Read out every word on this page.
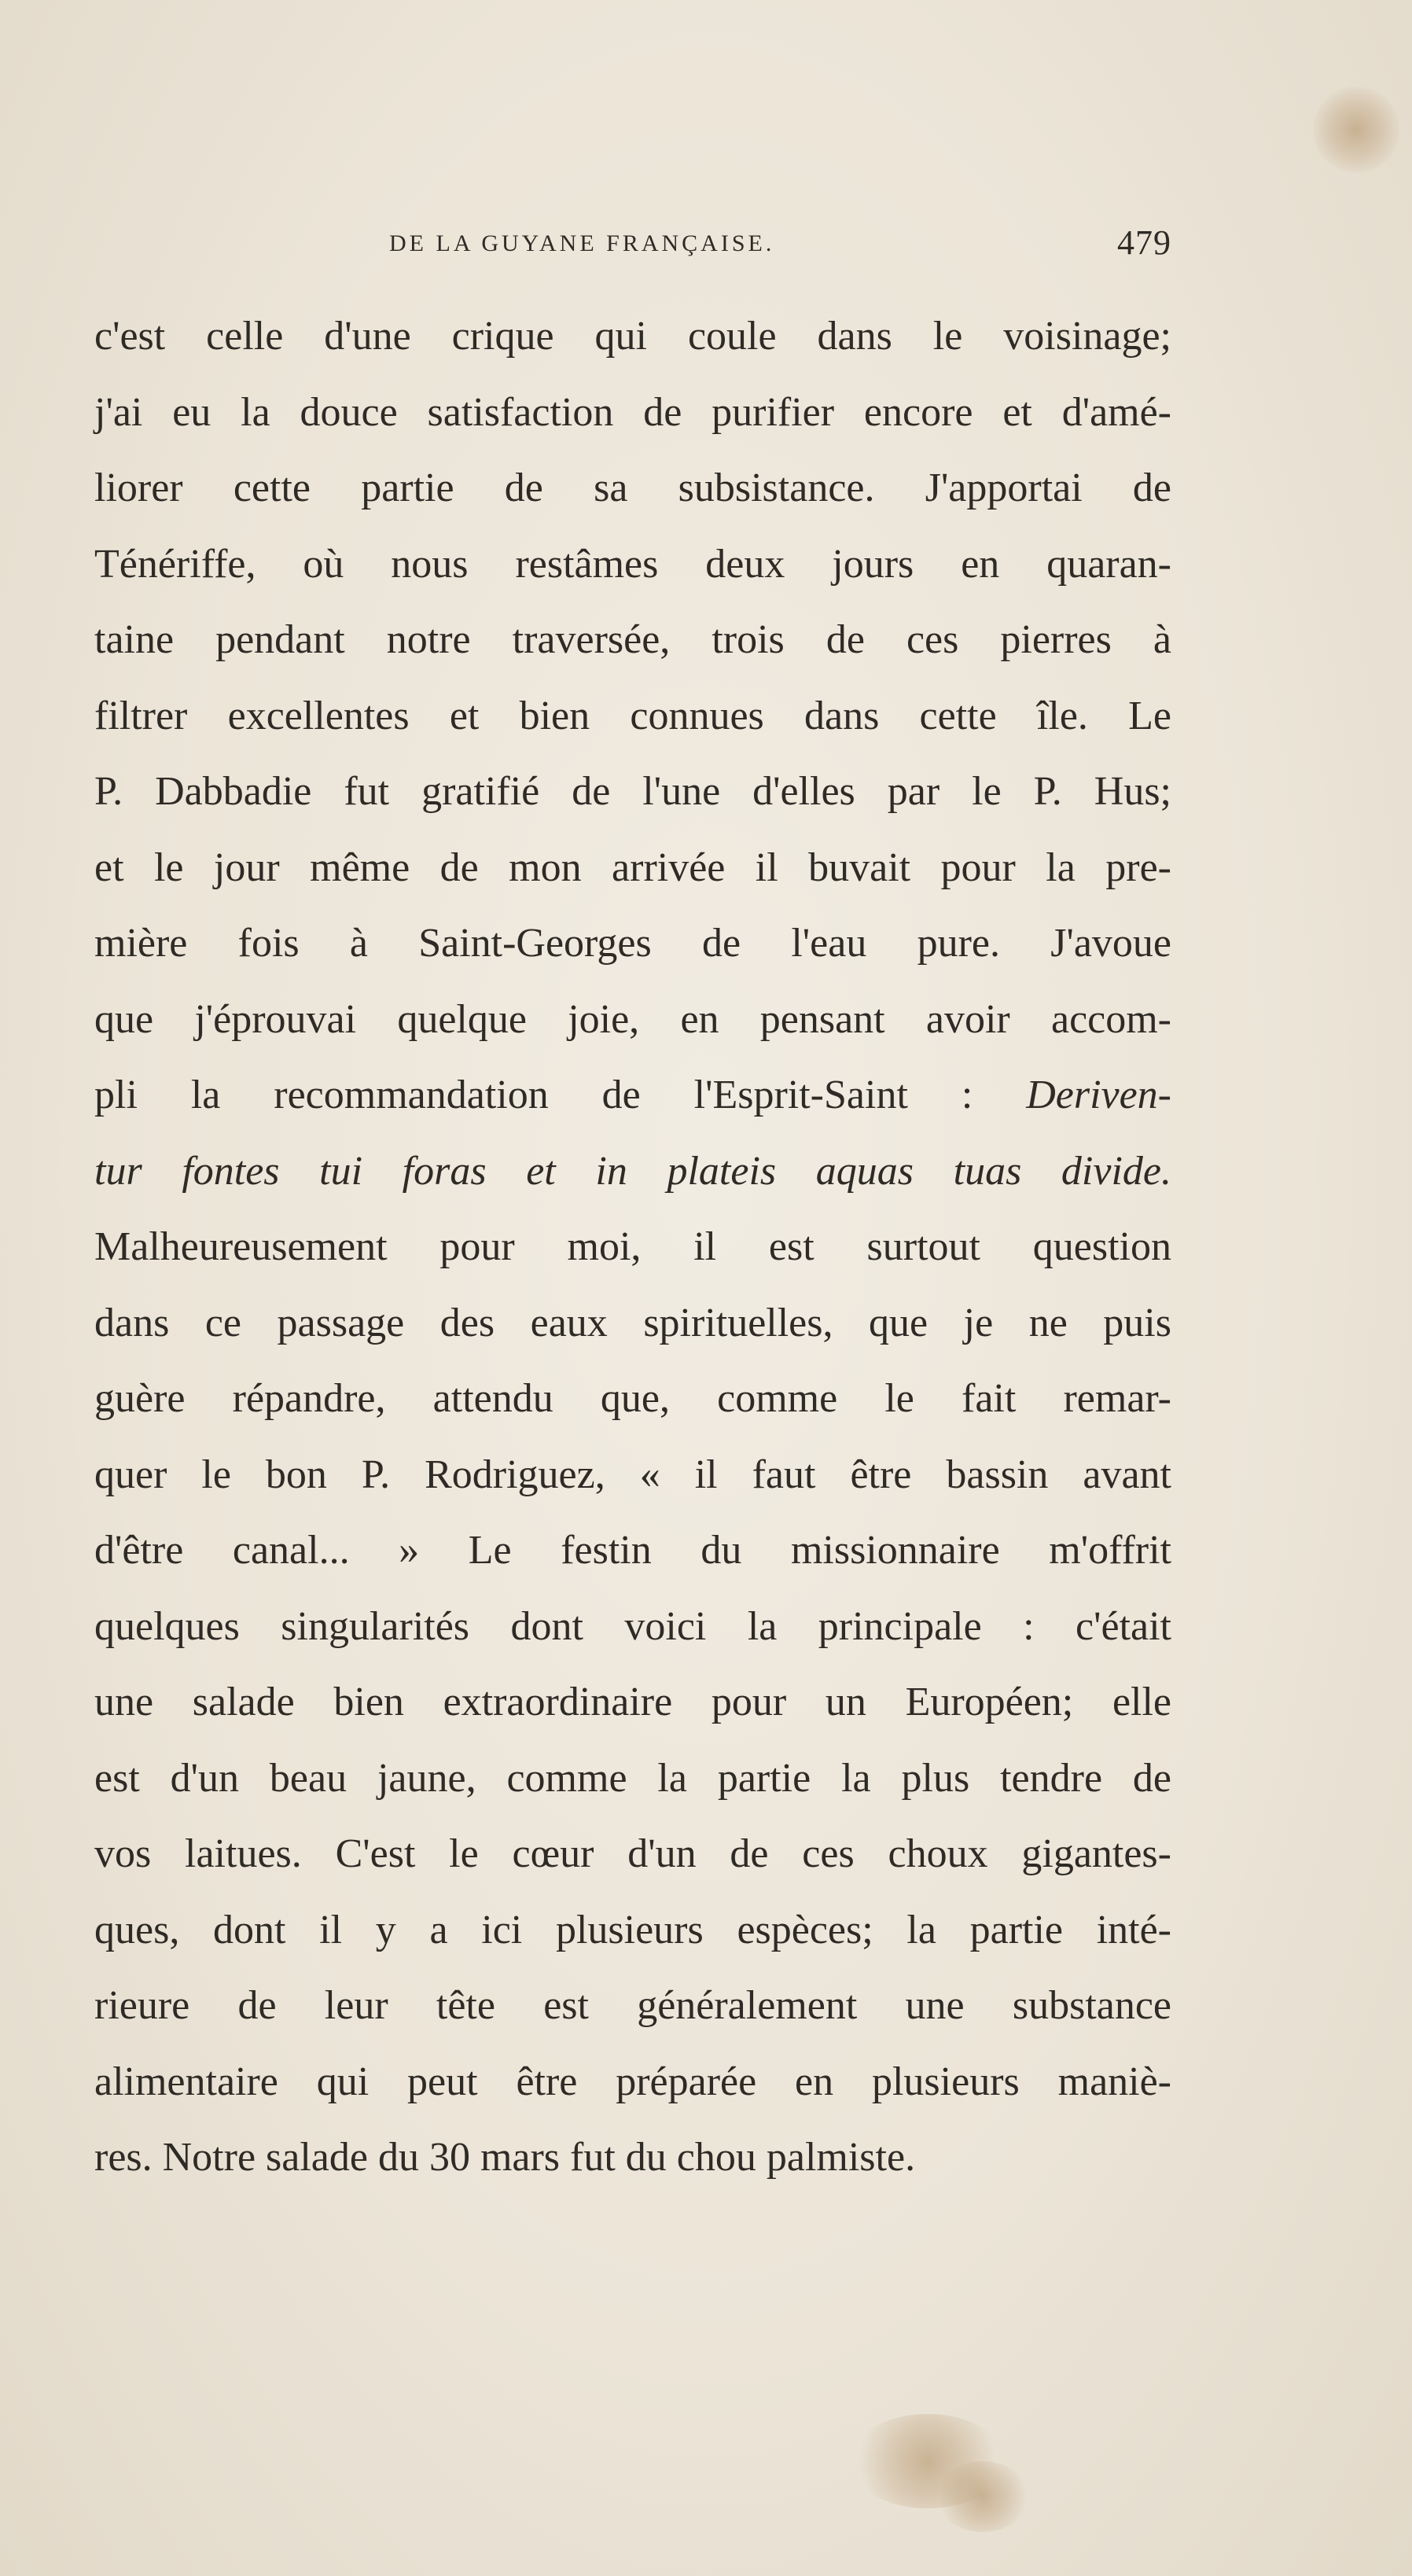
DE LA GUYANE FRANÇAISE.	479
c'est celle d'une crique qui coule dans le voisinage;
j'ai eu la douce satisfaction de purifier encore et d'amé-
liorer cette partie de sa subsistance. J'apportai de
Ténériffe, où nous restâmes deux jours en quaran-
taine pendant notre traversée, trois de ces pierres à
filtrer excellentes et bien connues dans cette île. Le
P. Dabbadie fut gratifié de l'une d'elles par le P. Hus;
et le jour même de mon arrivée il buvait pour la pre-
mière fois à Saint-Georges de l'eau pure. J'avoue
que j'éprouvai quelque joie, en pensant avoir accom-
pli la recommandation de l'Esprit-Saint : Deriven-
tur fontes tui foras et in plateis aquas tuas divide.
Malheureusement pour moi, il est surtout question
dans ce passage des eaux spirituelles, que je ne puis
guère répandre, attendu que, comme le fait remar-
quer le bon P. Rodriguez, « il faut être bassin avant
d'être canal... » Le festin du missionnaire m'offrit
quelques singularités dont voici la principale : c'était
une salade bien extraordinaire pour un Européen; elle
est d'un beau jaune, comme la partie la plus tendre de
vos laitues. C'est le cœur d'un de ces choux gigantes-
ques, dont il y a ici plusieurs espèces; la partie inté-
rieure de leur tête est généralement une substance
alimentaire qui peut être préparée en plusieurs maniè-
res. Notre salade du 30 mars fut du chou palmiste.
